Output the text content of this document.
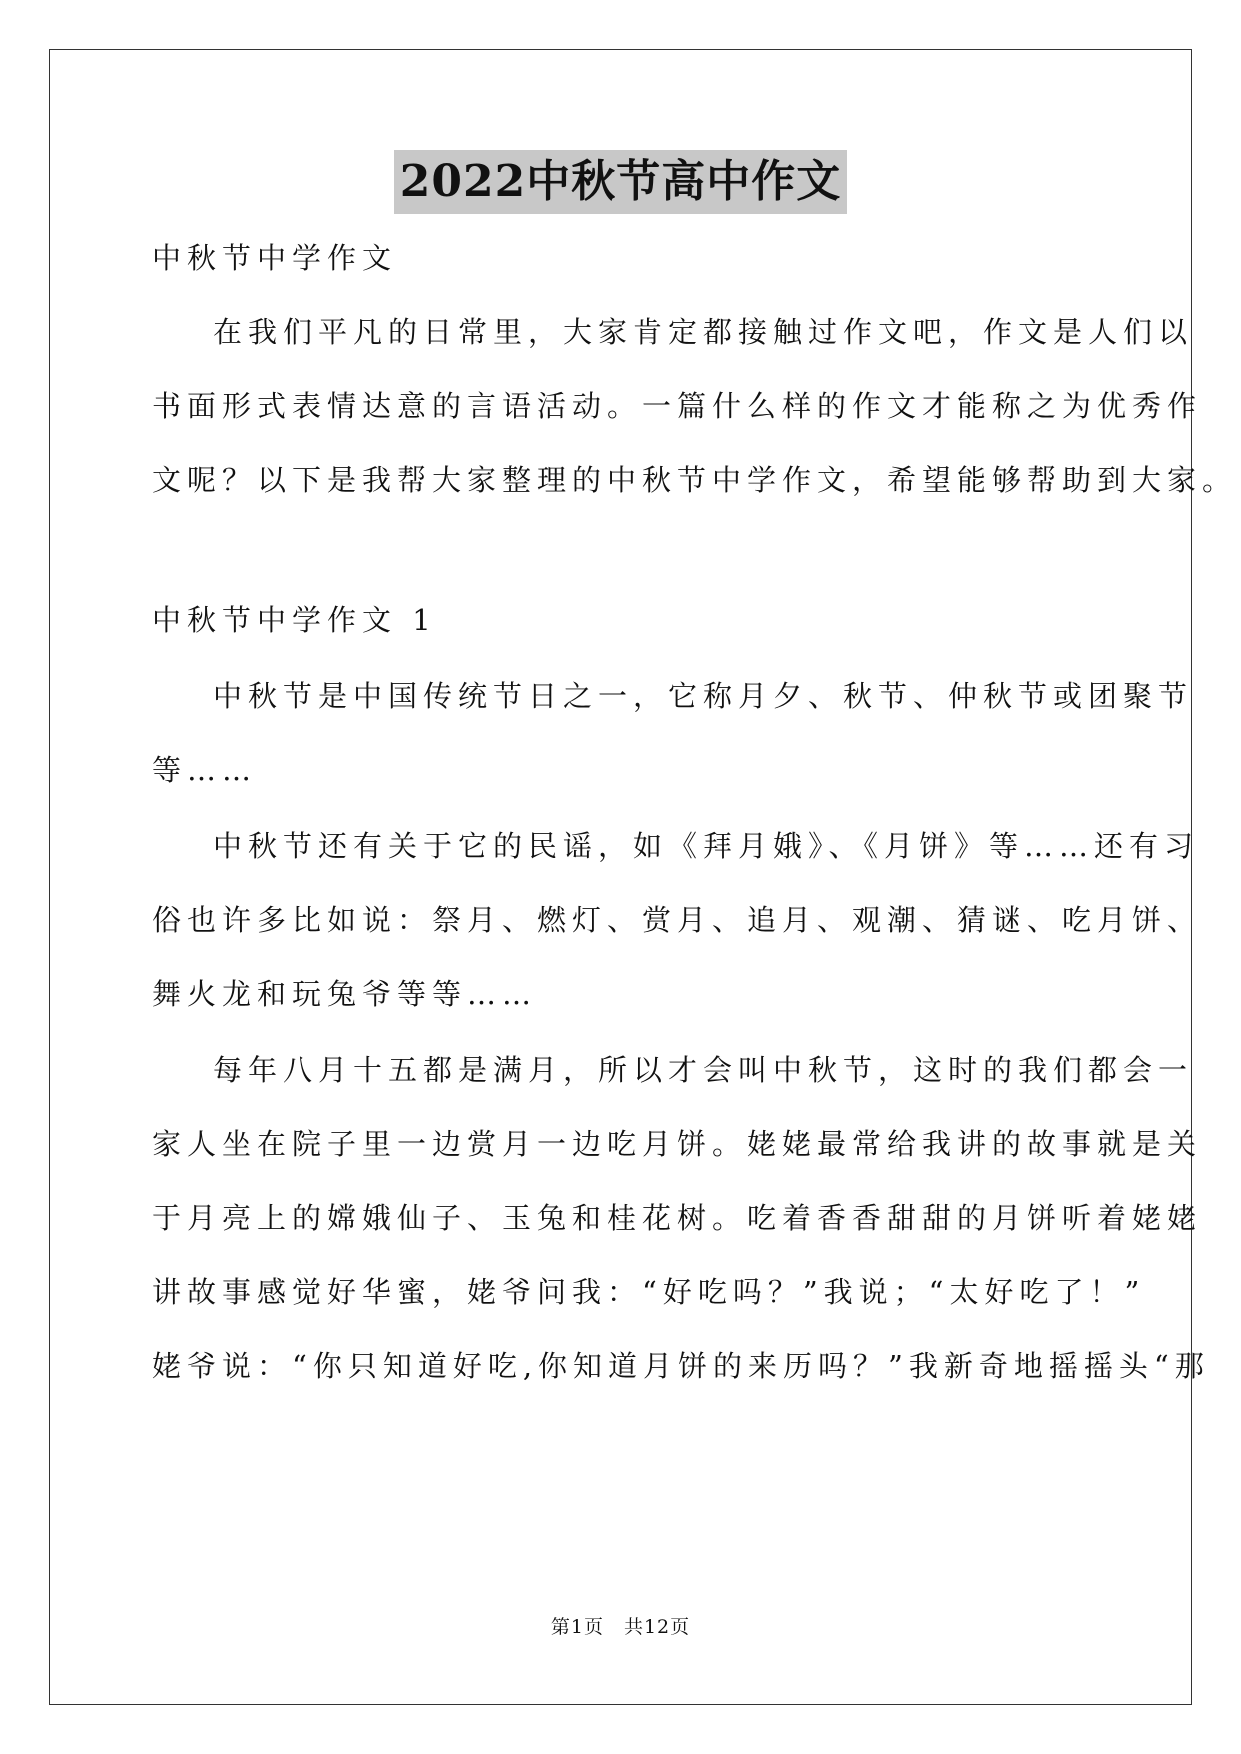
2022中秋节高中作文
中秋节中学作文
在我们平凡的日常里，大家肯定都接触过作文吧，作文是人们以
书面形式表情达意的言语活动。一篇什么样的作文才能称之为优秀作
文呢？以下是我帮大家整理的中秋节中学作文，希望能够帮助到大家。
中秋节中学作文 1
中秋节是中国传统节日之一，它称月夕、秋节、仲秋节或团聚节
等……
中秋节还有关于它的民谣，如《拜月娥》、《月饼》等……还有习
俗也许多比如说：祭月、燃灯、赏月、追月、观潮、猜谜、吃月饼、
舞火龙和玩兔爷等等……
每年八月十五都是满月，所以才会叫中秋节，这时的我们都会一
家人坐在院子里一边赏月一边吃月饼。姥姥最常给我讲的故事就是关
于月亮上的嫦娥仙子、玉兔和桂花树。吃着香香甜甜的月饼听着姥姥
讲故事感觉好华蜜，姥爷问我：“好吃吗？”我说；“太好吃了！”
姥爷说：“你只知道好吃,你知道月饼的来历吗？”我新奇地摇摇头“那
第1页　共12页
